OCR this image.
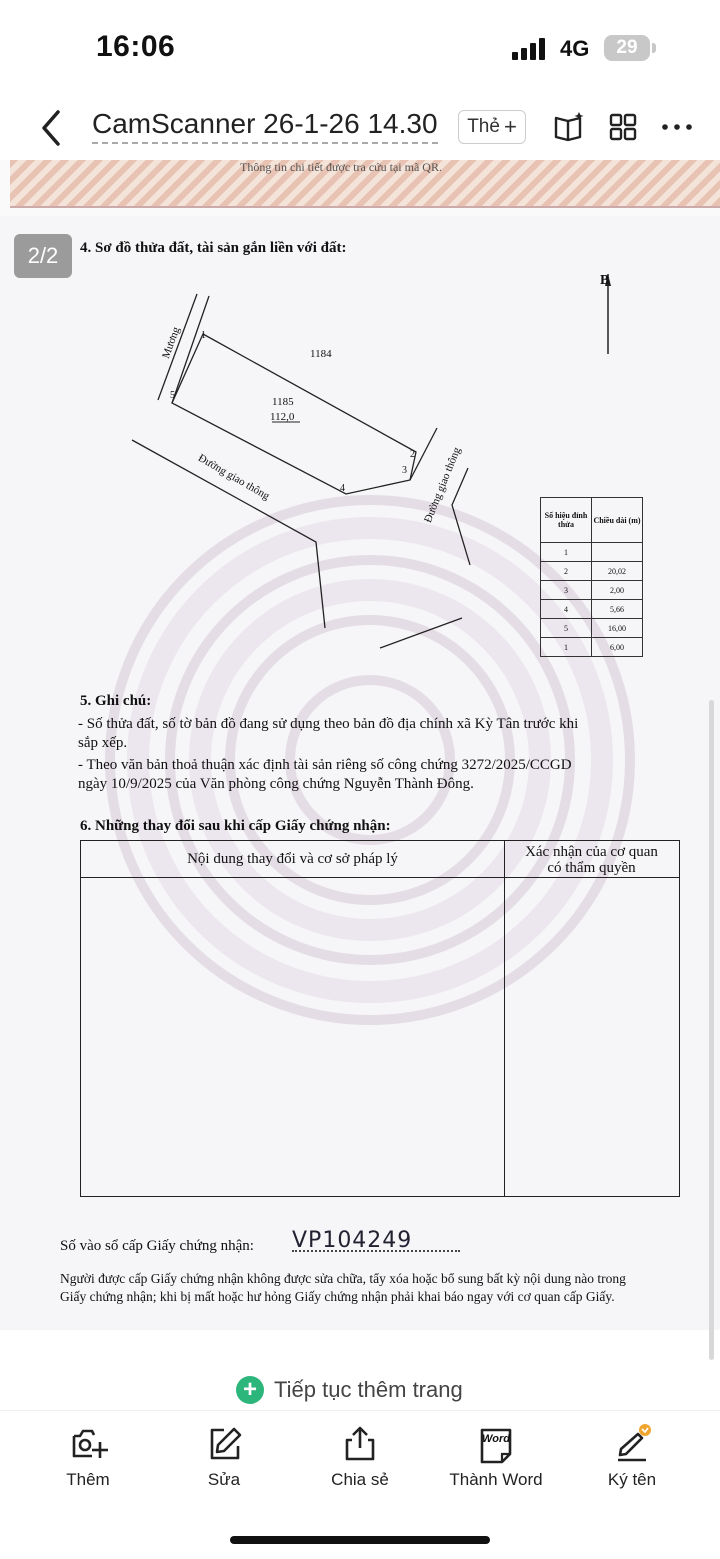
16:06	4G	29
CamScanner 26-1-26 14.30 Thẻ +
Thông tin chi tiết được tra cứu tại mã QR.
2/2	4. Sơ đồ thửa đất, tài sản gắn liền với đất:
B
Mương	1184
1185
112,0
Đường giao thông	Đường giao thông
1
2
3
4
5
Số hiệu đỉnh thửa	Chiều dài (m)
1	
2	20,02
3	2,00
4	5,66
5	16,00
1	6,00
5. Ghi chú:
- Số thửa đất, số tờ bản đồ đang sử dụng theo bản đồ địa chính xã Kỳ Tân trước khi
sắp xếp.
- Theo văn bản thoả thuận xác định tài sản riêng số công chứng 3272/2025/CCGD
ngày 10/9/2025 của Văn phòng công chứng Nguyễn Thành Đông.
6. Những thay đổi sau khi cấp Giấy chứng nhận:
Nội dung thay đổi và cơ sở pháp lý	Xác nhận của cơ quan
có thẩm quyền
Số vào sổ cấp Giấy chứng nhận: VP104249
Người được cấp Giấy chứng nhận không được sửa chữa, tẩy xóa hoặc bổ sung bất kỳ nội dung nào trong
Giấy chứng nhận; khi bị mất hoặc hư hỏng Giấy chứng nhận phải khai báo ngay với cơ quan cấp Giấy.
+ Tiếp tục thêm trang
Thêm	Sửa	Chia sẻ
Word
Thành Word	Ký tên
